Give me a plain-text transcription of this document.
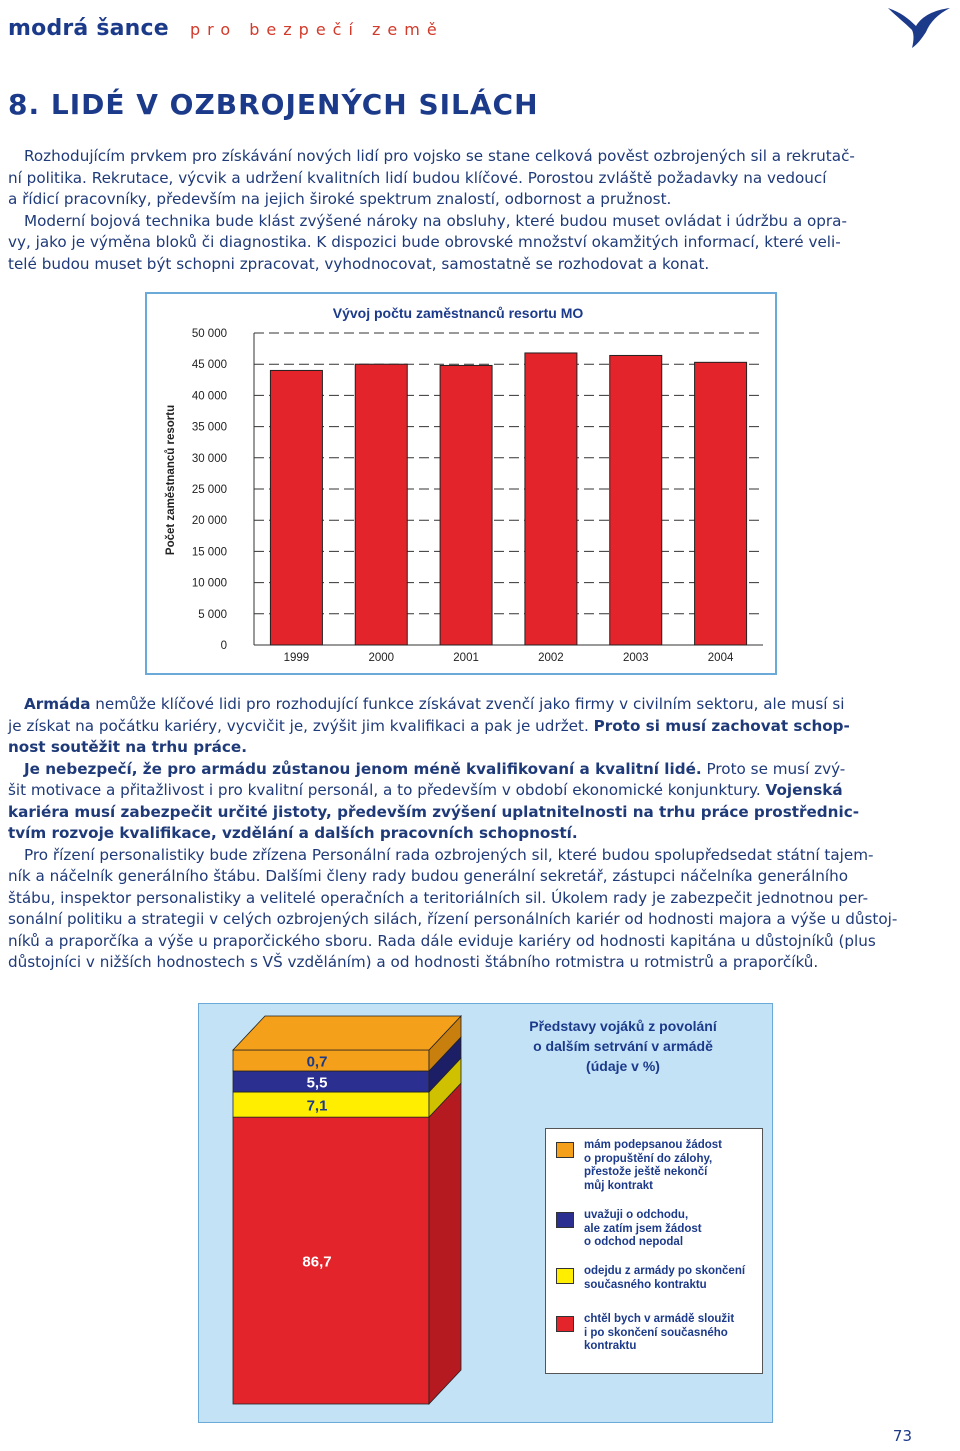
modrá šance pro bezpečí země
8. LIDÉ V OZBROJENÝCH SILÁCH
Rozhodujícím prvkem pro získávání nových lidí pro vojsko se stane celková pověst ozbrojených sil a rekrutač-
ní politika. Rekrutace, výcvik a udržení kvalitních lidí budou klíčové. Porostou zvláště požadavky na vedoucí
a řídicí pracovníky, především na jejich široké spektrum znalostí, odbornost a pružnost.
Moderní bojová technika bude klást zvýšené nároky na obsluhy, které budou muset ovládat i údržbu a opra-
vy, jako je výměna bloků či diagnostika. K dispozici bude obrovské množství okamžitých informací, které veli-
telé budou muset být schopni zpracovat, vyhodnocovat, samostatně se rozhodovat a konat.
Vývoj počtu zaměstnanců resortu MO
Počet zaměstnanců resortu
0
5 000
10 000
15 000
20 000
25 000
30 000
35 000
40 000
45 000
50 000
1999	2000	2001	2002	2003	2004
Armáda nemůže klíčové lidi pro rozhodující funkce získávat zvenčí jako firmy v civilním sektoru, ale musí si
je získat na počátku kariéry, vycvičit je, zvýšit jim kvalifikaci a pak je udržet. Proto si musí zachovat schop-
nost soutěžit na trhu práce.
Je nebezpečí, že pro armádu zůstanou jenom méně kvalifikovaní a kvalitní lidé. Proto se musí zvý-
šit motivace a přitažlivost i pro kvalitní personál, a to především v období ekonomické konjunktury. Vojenská
kariéra musí zabezpečit určité jistoty, především zvýšení uplatnitelnosti na trhu práce prostřednic-
tvím rozvoje kvalifikace, vzdělání a dalších pracovních schopností.
Pro řízení personalistiky bude zřízena Personální rada ozbrojených sil, které budou spolupředsedat státní tajem-
ník a náčelník generálního štábu. Dalšími členy rady budou generální sekretář, zástupci náčelníka generálního
štábu, inspektor personalistiky a velitelé operačních a teritoriálních sil. Úkolem rady je zabezpečit jednotnou per-
sonální politiku a strategii v celých ozbrojených silách, řízení personálních kariér od hodnosti majora a výše u důstoj-
níků a praporčíka a výše u praporčického sboru. Rada dále eviduje kariéry od hodnosti kapitána u důstojníků (plus
důstojníci v nižších hodnostech s VŠ vzděláním) a od hodnosti štábního rotmistra u rotmistrů a praporčíků.
86,7
7,1
5,5
0,7
Představy vojáků z povolání
o dalším setrvání v armádě
(údaje v %)
mám podepsanou žádost
o propuštění do zálohy,
přestože ještě nekončí
můj kontrakt
uvažuji o odchodu,
ale zatím jsem žádost
o odchod nepodal
odejdu z armády po skončení
současného kontraktu
chtěl bych v armádě sloužit
i po skončení současného
kontraktu
73
